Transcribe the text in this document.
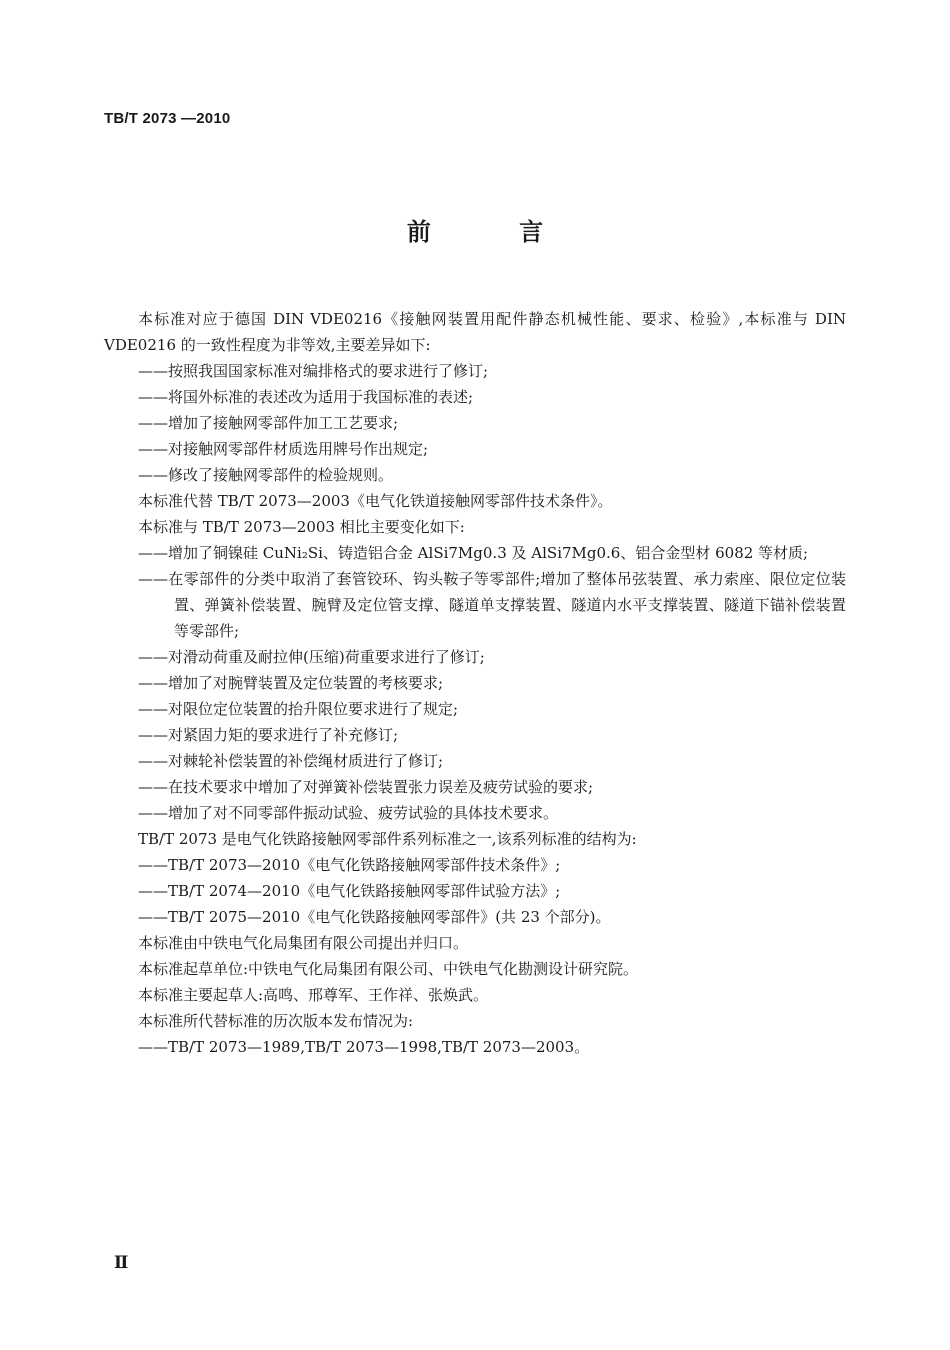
TB/T 2073 —2010
前 言
本标准对应于德国 DIN VDE0216《接触网装置用配件静态机械性能、要求、检验》,本标准与 DIN VDE0216 的一致性程度为非等效,主要差异如下:
——按照我国国家标准对编排格式的要求进行了修订;
——将国外标准的表述改为适用于我国标准的表述;
——增加了接触网零部件加工工艺要求;
——对接触网零部件材质选用牌号作出规定;
——修改了接触网零部件的检验规则。
本标准代替 TB/T 2073—2003《电气化铁道接触网零部件技术条件》。
本标准与 TB/T 2073—2003 相比主要变化如下:
——增加了铜镍硅 CuNi₂Si、铸造铝合金 AlSi7Mg0.3 及 AlSi7Mg0.6、铝合金型材 6082 等材质;
——在零部件的分类中取消了套管铰环、钩头鞍子等零部件;增加了整体吊弦装置、承力索座、限位定位装置、弹簧补偿装置、腕臂及定位管支撑、隧道单支撑装置、隧道内水平支撑装置、隧道下锚补偿装置等零部件;
——对滑动荷重及耐拉伸(压缩)荷重要求进行了修订;
——增加了对腕臂装置及定位装置的考核要求;
——对限位定位装置的抬升限位要求进行了规定;
——对紧固力矩的要求进行了补充修订;
——对棘轮补偿装置的补偿绳材质进行了修订;
——在技术要求中增加了对弹簧补偿装置张力误差及疲劳试验的要求;
——增加了对不同零部件振动试验、疲劳试验的具体技术要求。
TB/T 2073 是电气化铁路接触网零部件系列标准之一,该系列标准的结构为:
——TB/T 2073—2010《电气化铁路接触网零部件技术条件》;
——TB/T 2074—2010《电气化铁路接触网零部件试验方法》;
——TB/T 2075—2010《电气化铁路接触网零部件》(共 23 个部分)。
本标准由中铁电气化局集团有限公司提出并归口。
本标准起草单位:中铁电气化局集团有限公司、中铁电气化勘测设计研究院。
本标准主要起草人:高鸣、邢尊军、王作祥、张焕武。
本标准所代替标准的历次版本发布情况为:
——TB/T 2073—1989,TB/T 2073—1998,TB/T 2073—2003。
Ⅱ
